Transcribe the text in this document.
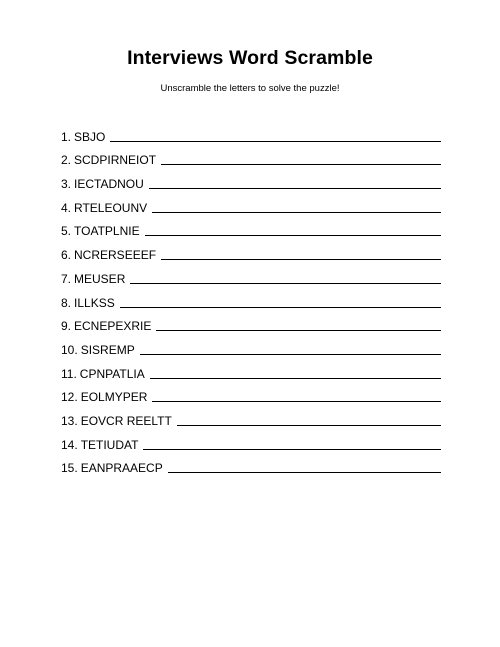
Interviews Word Scramble
Unscramble the letters to solve the puzzle!
1. SBJO
2. SCDPIRNEIOT
3. IECTADNOU
4. RTELEOUNV
5. TOATPLNIE
6. NCRERSEEEF
7. MEUSER
8. ILLKSS
9. ECNEPEXRIE
10. SISREMP
11. CPNPATLIA
12. EOLMYPER
13. EOVCR REELTT
14. TETIUDAT
15. EANPRAAECP
